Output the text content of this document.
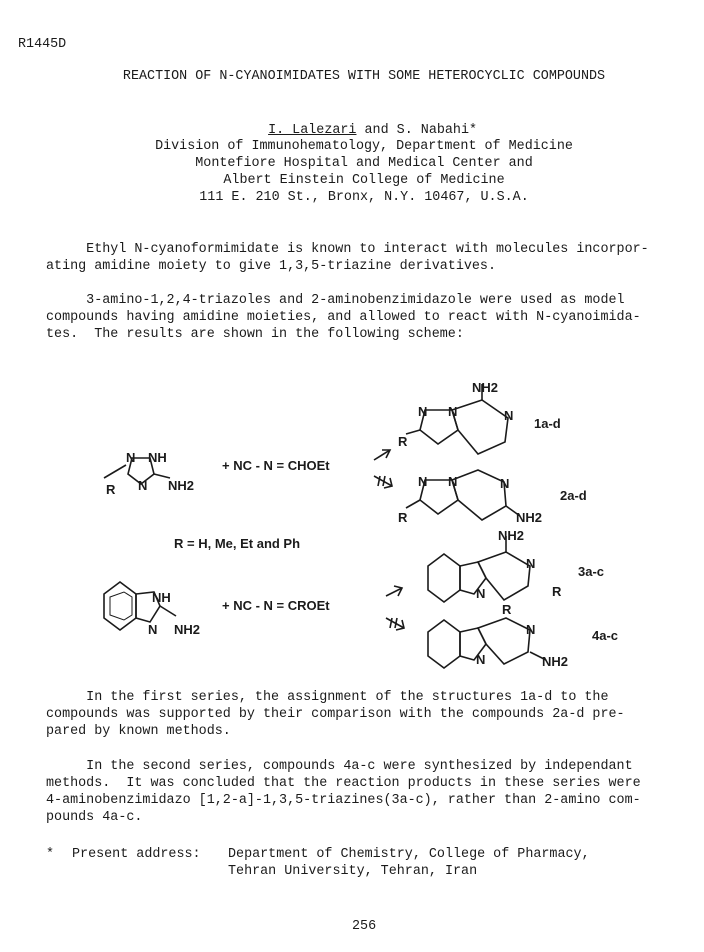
R1445D
REACTION OF N-CYANOIMIDATES WITH SOME HETEROCYCLIC COMPOUNDS

I. Lalezari and S. Nabahi*

Division of Immunohematology, Department of Medicine
Montefiore Hospital and Medical Center and
Albert Einstein College of Medicine
111 E. 210 St., Bronx, N.Y. 10467, U.S.A.
Ethyl N-cyanoformimidate is known to interact with molecules incorpor-
ating amidine moiety to give 1,3,5-triazine derivatives.
3-amino-1,2,4-triazoles and 2-aminobenzimidazole were used as model
compounds having amidine moieties, and allowed to react with N-cyanoimida-
tes.  The results are shown in the following scheme:
N NH
N
R	NH2
+ NC - N = CHOEt
R = H, Me, Et and Ph
NH
N NH2
+ NC - N = CROEt
NH2
N N	N
R
1a-d
N N	N
R	NH2
2a-d
NH2
N
N	R
3a-c
R
N
N	NH2
4a-c
In the first series, the assignment of the structures 1a-d to the
compounds was supported by their comparison with the compounds 2a-d pre-
pared by known methods.
In the second series, compounds 4a-c were synthesized by independant
methods.  It was concluded that the reaction products in these series were
4-aminobenzimidazo [1,2-a]-1,3,5-triazines(3a-c), rather than 2-amino com-
pounds 4a-c.
* Present address: Department of Chemistry, College of Pharmacy,
Tehran University, Tehran, Iran
256
